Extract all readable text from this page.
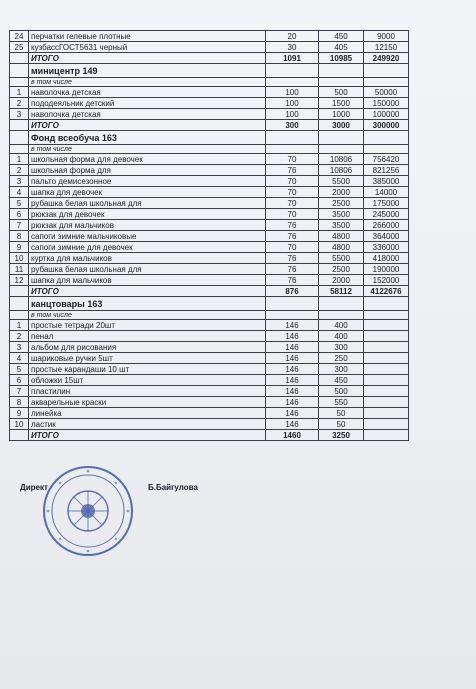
24	перчатки гелевые плотные	20	450	9000
25	кузбассГОСТ5631 черный	30	405	12150
	ИТОГО	1091	10985	249920
	миницентр 149			
	в том числе			
1	наволочка детская	100	500	50000
2	пододеяльник детский	100	1500	150000
3	наволочка детская	100	1000	100000
	ИТОГО	300	3000	300000
	Фонд всеобуча 163			
	в том числе			
1	школьная форма для девочек	70	10806	756420
2	школьная форма для	76	10806	821256
3	пальто демисезонное	70	5500	385000
4	шапка для девочек	70	2000	14000
5	рубашка белая школьная для	70	2500	175000
6	рюкзак для девочек	70	3500	245000
7	рюкзак для мальчиков	76	3500	266000
8	сапоги зимние мальчиковые	76	4800	364000
9	сапоги зимние для девочек	70	4800	336000
10	куртка для мальчиков	76	5500	418000
11	рубашка белая школьная для	76	2500	190000
12	шапка для мальчиков	76	2000	152000
	ИТОГО	876	58112	4122676
	канцтовары 163			
	в том числе			
1	простые тетради 20шт	146	400	
2	пенал	146	400	
3	альбом для рисования	146	300	
4	шариковые ручки 5шт	146	250	
5	простые карандаши 10 шт	146	300	
6	обложки 15шт	146	450	
7	пластилин	146	500	
8	акварельные краски	146	550	
9	линейка	146	50	
10	ластик	146	50	
	ИТОГО	1460	3250	
Директ	Б.Байгулова
